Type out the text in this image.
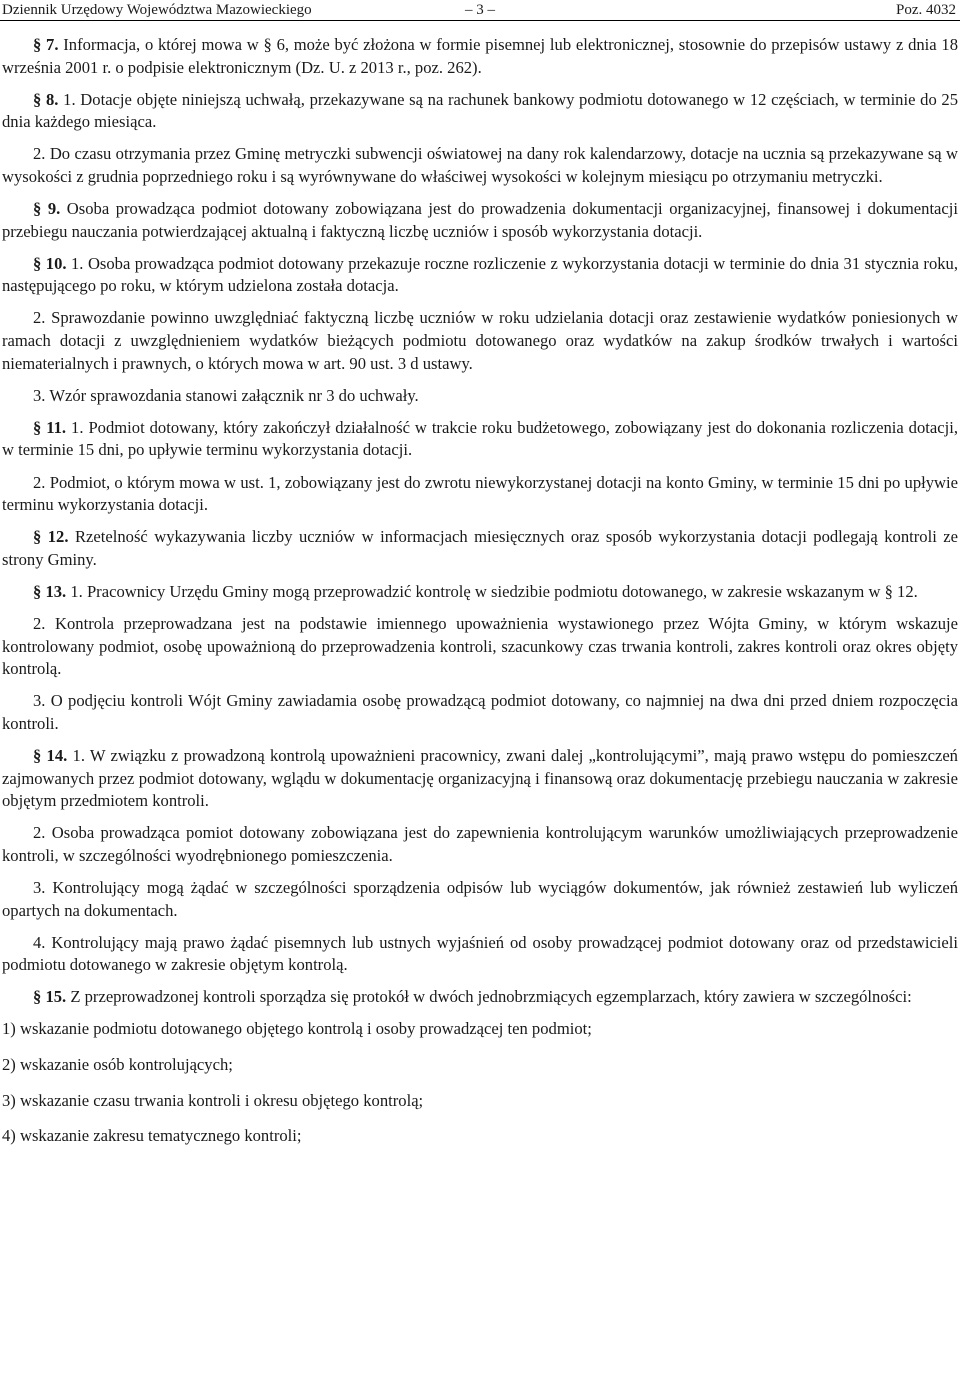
Dziennik Urzędowy Województwa Mazowieckiego	– 3 –	Poz. 4032

§ 7. Informacja, o której mowa w § 6, może być złożona w formie pisemnej lub elektronicznej, stosownie do przepisów ustawy z dnia 18 września 2001 r. o podpisie elektronicznym (Dz. U. z 2013 r., poz. 262).

§ 8. 1. Dotacje objęte niniejszą uchwałą, przekazywane są na rachunek bankowy podmiotu dotowanego w 12 częściach, w terminie do 25 dnia każdego miesiąca.

2. Do czasu otrzymania przez Gminę metryczki subwencji oświatowej na dany rok kalendarzowy, dotacje na ucznia są przekazywane są w wysokości z grudnia poprzedniego roku i są wyrównywane do właściwej wysokości w kolejnym miesiącu po otrzymaniu metryczki.

§ 9. Osoba prowadząca podmiot dotowany zobowiązana jest do prowadzenia dokumentacji organizacyjnej, finansowej i dokumentacji przebiegu nauczania potwierdzającej aktualną i faktyczną liczbę uczniów i sposób wykorzystania dotacji.

§ 10. 1. Osoba prowadząca podmiot dotowany przekazuje roczne rozliczenie z wykorzystania dotacji w terminie do dnia 31 stycznia roku, następującego po roku, w którym udzielona została dotacja.

2. Sprawozdanie powinno uwzględniać faktyczną liczbę uczniów w roku udzielania dotacji oraz zestawienie wydatków poniesionych w ramach dotacji z uwzględnieniem wydatków bieżących podmiotu dotowanego oraz wydatków na zakup środków trwałych i wartości niematerialnych i prawnych, o których mowa w art. 90 ust. 3 d ustawy.

3. Wzór sprawozdania stanowi załącznik nr 3 do uchwały.

§ 11. 1. Podmiot dotowany, który zakończył działalność w trakcie roku budżetowego, zobowiązany jest do dokonania rozliczenia dotacji, w terminie 15 dni, po upływie terminu wykorzystania dotacji.

2. Podmiot, o którym mowa w ust. 1, zobowiązany jest do zwrotu niewykorzystanej dotacji na konto Gminy, w terminie 15 dni po upływie terminu wykorzystania dotacji.

§ 12. Rzetelność wykazywania liczby uczniów w informacjach miesięcznych oraz sposób wykorzystania dotacji podlegają kontroli ze strony Gminy.

§ 13. 1. Pracownicy Urzędu Gminy mogą przeprowadzić kontrolę w siedzibie podmiotu dotowanego, w zakresie wskazanym w § 12.

2. Kontrola przeprowadzana jest na podstawie imiennego upoważnienia wystawionego przez Wójta Gminy, w którym wskazuje kontrolowany podmiot, osobę upoważnioną do przeprowadzenia kontroli, szacunkowy czas trwania kontroli, zakres kontroli oraz okres objęty kontrolą.

3. O podjęciu kontroli Wójt Gminy zawiadamia osobę prowadzącą podmiot dotowany, co najmniej na dwa dni przed dniem rozpoczęcia kontroli.

§ 14. 1. W związku z prowadzoną kontrolą upoważnieni pracownicy, zwani dalej „kontrolującymi”, mają prawo wstępu do pomieszczeń zajmowanych przez podmiot dotowany, wglądu w dokumentację organizacyjną i finansową oraz dokumentację przebiegu nauczania w zakresie objętym przedmiotem kontroli.

2. Osoba prowadząca pomiot dotowany zobowiązana jest do zapewnienia kontrolującym warunków umożliwiających przeprowadzenie kontroli, w szczególności wyodrębnionego pomieszczenia.

3. Kontrolujący mogą żądać w szczególności sporządzenia odpisów lub wyciągów dokumentów, jak również zestawień lub wyliczeń opartych na dokumentach.

4. Kontrolujący mają prawo żądać pisemnych lub ustnych wyjaśnień od osoby prowadzącej podmiot dotowany oraz od przedstawicieli podmiotu dotowanego w zakresie objętym kontrolą.

§ 15. Z przeprowadzonej kontroli sporządza się protokół w dwóch jednobrzmiących egzemplarzach, który zawiera w szczególności:

1) wskazanie podmiotu dotowanego objętego kontrolą i osoby prowadzącej ten podmiot;

2) wskazanie osób kontrolujących;

3) wskazanie czasu trwania kontroli i okresu objętego kontrolą;

4) wskazanie zakresu tematycznego kontroli;
